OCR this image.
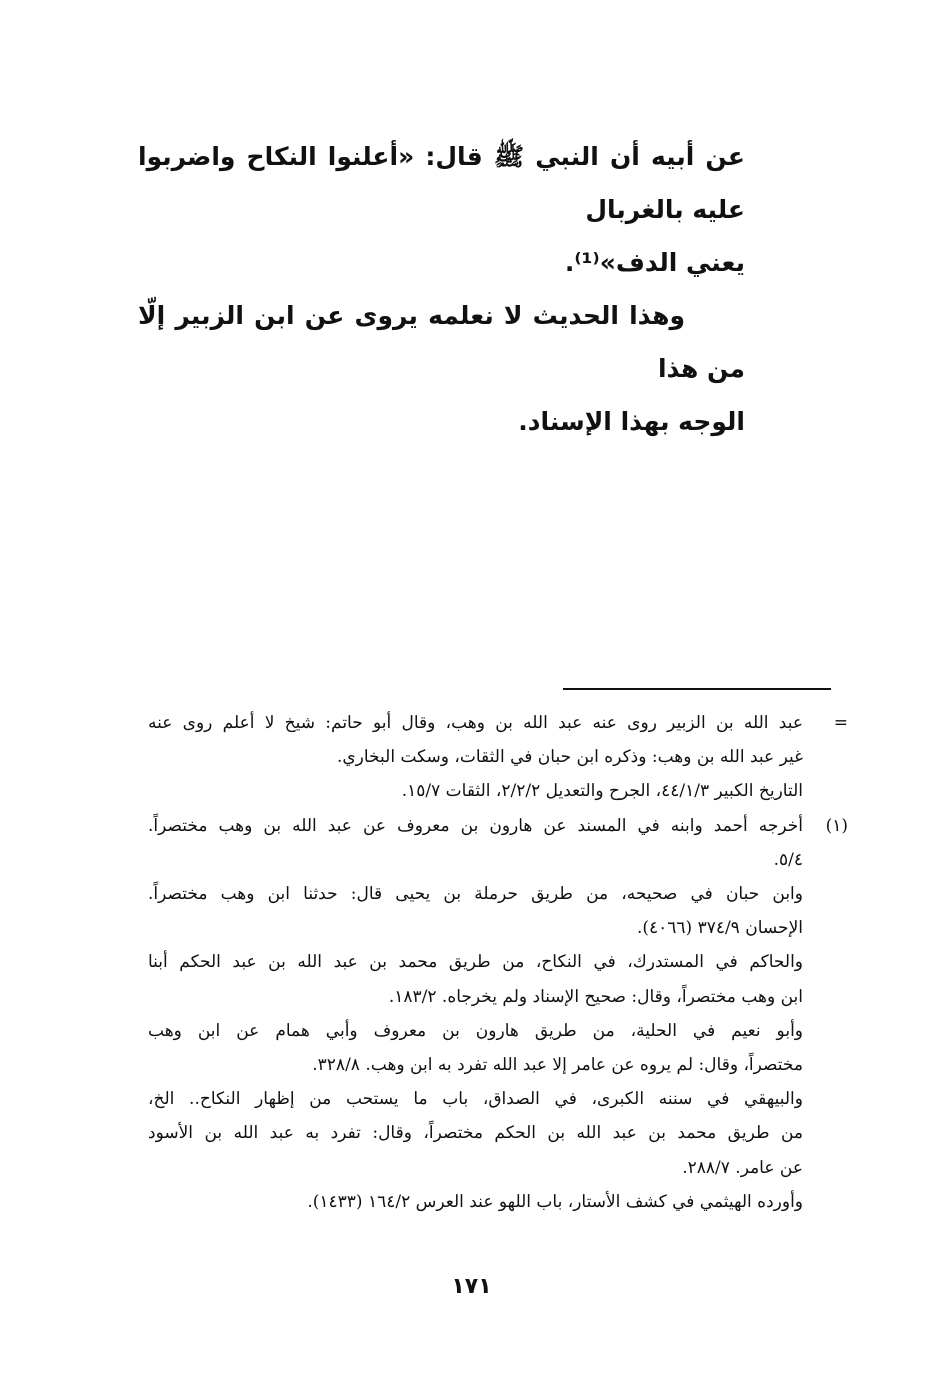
عن أبيه أن النبي ﷺ قال: «أعلنوا النكاح واضربوا عليه بالغربال
يعني الدف»⁽¹⁾.

وهذا الحديث لا نعلمه يروى عن ابن الزبير إلّا من هذا
الوجه بهذا الإسناد.

=
عبد الله بن الزبير روى عنه عبد الله بن وهب، وقال أبو حاتم: شيخ لا أعلم روى عنه
غير عبد الله بن وهب: وذكره ابن حبان في الثقات، وسكت البخاري.
التاريخ الكبير ٤٤/١/٣، الجرح والتعديل ٢/٢/٢، الثقات ١٥/٧.
(١)
أخرجه أحمد وابنه في المسند عن هارون بن معروف عن عبد الله بن وهب مختصراً.
٥/٤.
وابن حبان في صحيحه، من طريق حرملة بن يحيى قال: حدثنا ابن وهب مختصراً.
الإحسان ٣٧٤/٩ (٤٠٦٦).
والحاكم في المستدرك، في النكاح، من طريق محمد بن عبد الله بن عبد الحكم أبنا
ابن وهب مختصراً، وقال: صحيح الإسناد ولم يخرجاه. ١٨٣/٢.
وأبو نعيم في الحلية، من طريق هارون بن معروف وأبي همام عن ابن وهب
مختصراً، وقال: لم يروه عن عامر إلا عبد الله تفرد به ابن وهب. ٣٢٨/٨.
والبيهقي في سننه الكبرى، في الصداق، باب ما يستحب من إظهار النكاح.. الخ،
من طريق محمد بن عبد الله بن الحكم مختصراً، وقال: تفرد به عبد الله بن الأسود
عن عامر. ٢٨٨/٧.
وأورده الهيثمي في كشف الأستار، باب اللهو عند العرس ١٦٤/٢ (١٤٣٣).
١٧١
